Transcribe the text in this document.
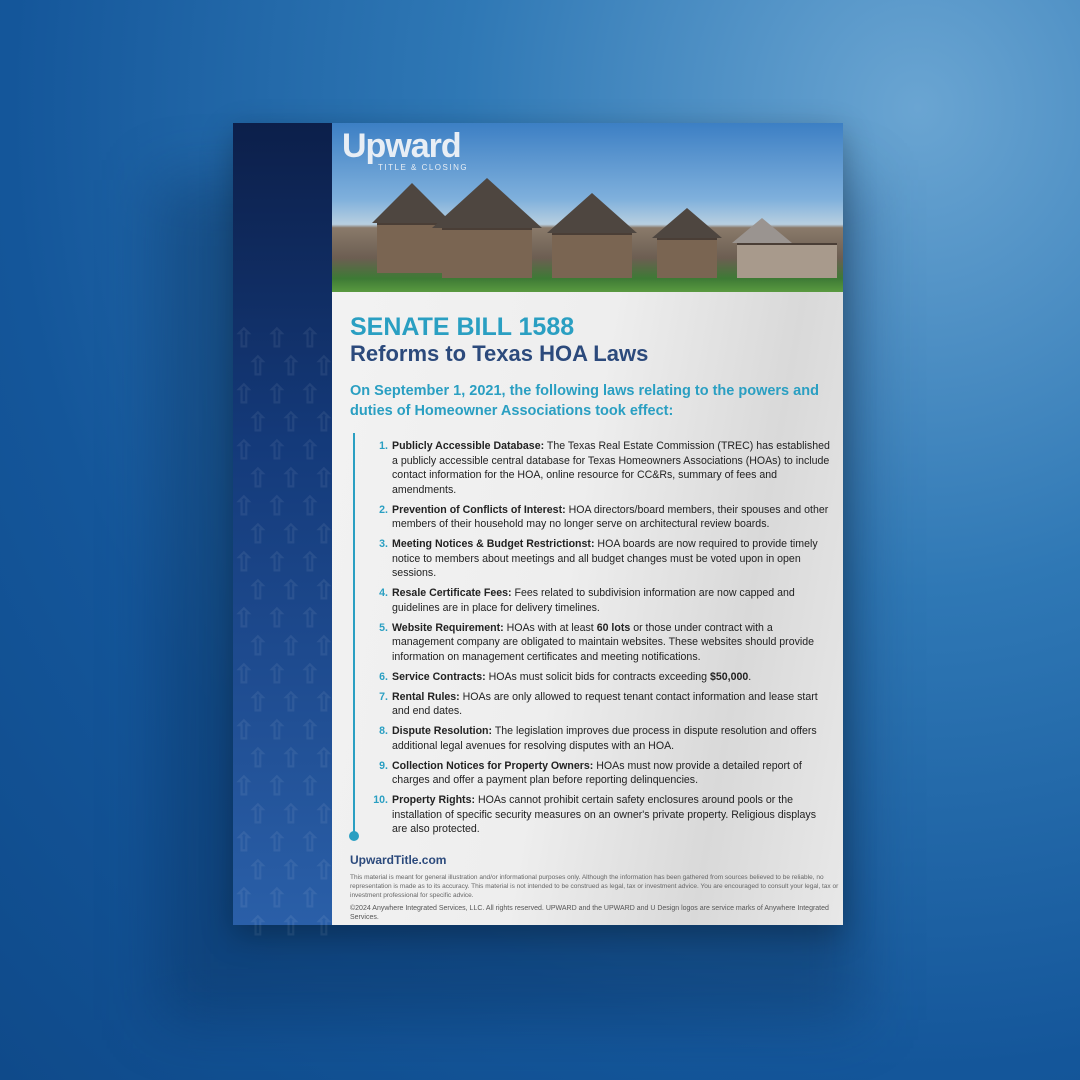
⇧ ⇧ ⇧
⇧ ⇧ ⇧
⇧ ⇧ ⇧
⇧ ⇧ ⇧
⇧ ⇧ ⇧
⇧ ⇧ ⇧
⇧ ⇧ ⇧
⇧ ⇧ ⇧
⇧ ⇧ ⇧
⇧ ⇧ ⇧
⇧ ⇧ ⇧
⇧ ⇧ ⇧
⇧ ⇧ ⇧
⇧ ⇧ ⇧
⇧ ⇧ ⇧
⇧ ⇧ ⇧
⇧ ⇧ ⇧
⇧ ⇧ ⇧
⇧ ⇧ ⇧
⇧ ⇧ ⇧
⇧ ⇧ ⇧
⇧ ⇧ ⇧
Upward
TITLE & CLOSING
SENATE BILL 1588
Reforms to Texas HOA Laws
On September 1, 2021, the following laws relating to the powers and duties of Homeowner Associations took effect:
1. Publicly Accessible Database: The Texas Real Estate Commission (TREC) has established a publicly accessible central database for Texas Homeowners Associations (HOAs) to include contact information for the HOA, online resource for CC&Rs, summary of fees and amendments.
2. Prevention of Conflicts of Interest: HOA directors/board members, their spouses and other members of their household may no longer serve on architectural review boards.
3. Meeting Notices & Budget Restrictionst: HOA boards are now required to provide timely notice to members about meetings and all budget changes must be voted upon in open sessions.
4. Resale Certificate Fees: Fees related to subdivision information are now capped and guidelines are in place for delivery timelines.
5. Website Requirement: HOAs with at least 60 lots or those under contract with a management company are obligated to maintain websites. These websites should provide information on management certificates and meeting notifications.
6. Service Contracts: HOAs must solicit bids for contracts exceeding $50,000.
7. Rental Rules: HOAs are only allowed to request tenant contact information and lease start and end dates.
8. Dispute Resolution: The legislation improves due process in dispute resolution and offers additional legal avenues for resolving disputes with an HOA.
9. Collection Notices for Property Owners: HOAs must now provide a detailed report of charges and offer a payment plan before reporting delinquencies.
10. Property Rights: HOAs cannot prohibit certain safety enclosures around pools or the installation of specific security measures on an owner's private property. Religious displays are also protected.
UpwardTitle.com
This material is meant for general illustration and/or informational purposes only. Although the information has been gathered from sources believed to be reliable, no representation is made as to its accuracy. This material is not intended to be construed as legal, tax or investment advice. You are encouraged to consult your legal, tax or investment professional for specific advice.
©2024 Anywhere Integrated Services, LLC. All rights reserved. UPWARD and the UPWARD and U Design logos are service marks of Anywhere Integrated Services.
